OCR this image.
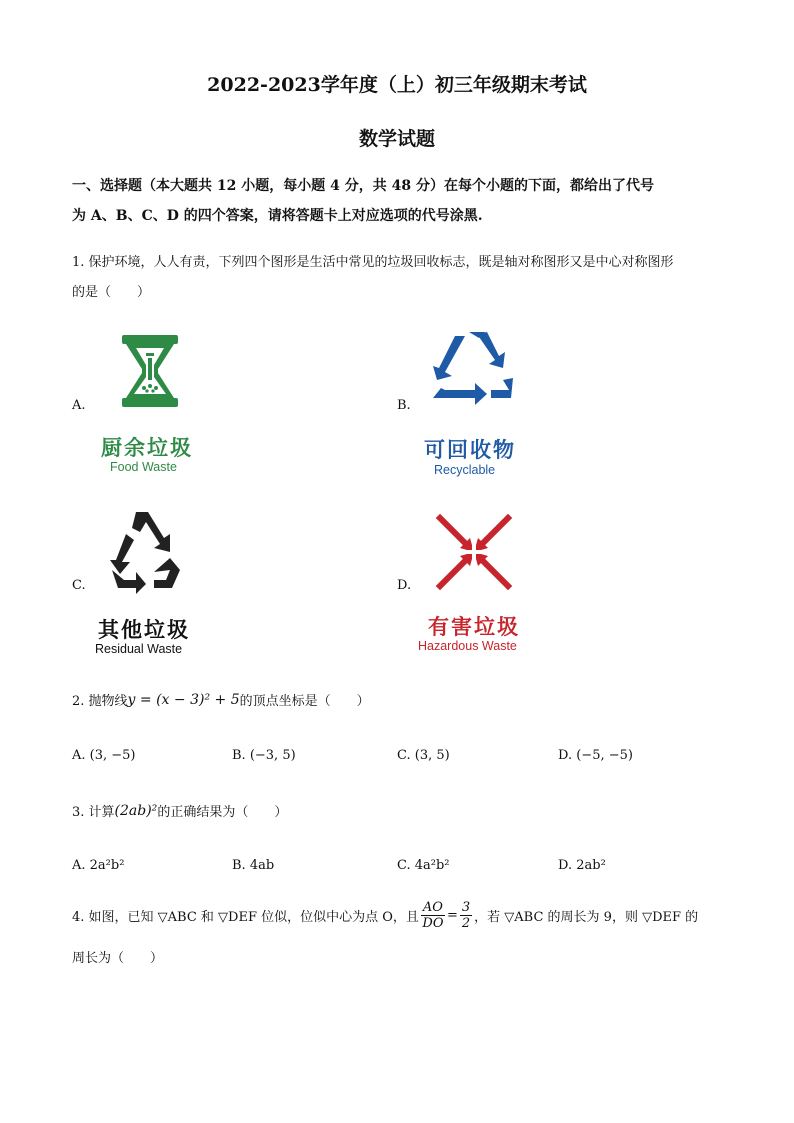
2022-2023学年度（上）初三年级期末考试
数学试题
一、选择题（本大题共 12 小题，每小题 4 分，共 48 分）在每个小题的下面，都给出了代号
为 A、B、C、D 的四个答案，请将答题卡上对应选项的代号涂黑.
1. 保护环境，人人有责，下列四个图形是生活中常见的垃圾回收标志，既是轴对称图形又是中心对称图形
的是（　　）
A.
厨余垃圾
Food Waste
B.
可回收物
Recyclable
C.
其他垃圾
Residual Waste
D.
有害垃圾
Hazardous Waste
2. 抛物线 y = (x − 3)² + 5 的顶点坐标是（　　）
A. (3, −5)	B. (−3, 5)	C. (3, 5)	D. (−5, −5)
3. 计算 (2ab)² 的正确结果为（　　）
A. 2a²b²	B. 4ab	C. 4a²b²	D. 2ab²
4. 如图，已知 ▽ABC 和 ▽DEF 位似，位似中心为点 O，且 $\frac{AO}{DO} = \frac{3}{2}$ ，若 ▽ABC 的周长为 9，则 ▽DEF 的
周长为（　　）
